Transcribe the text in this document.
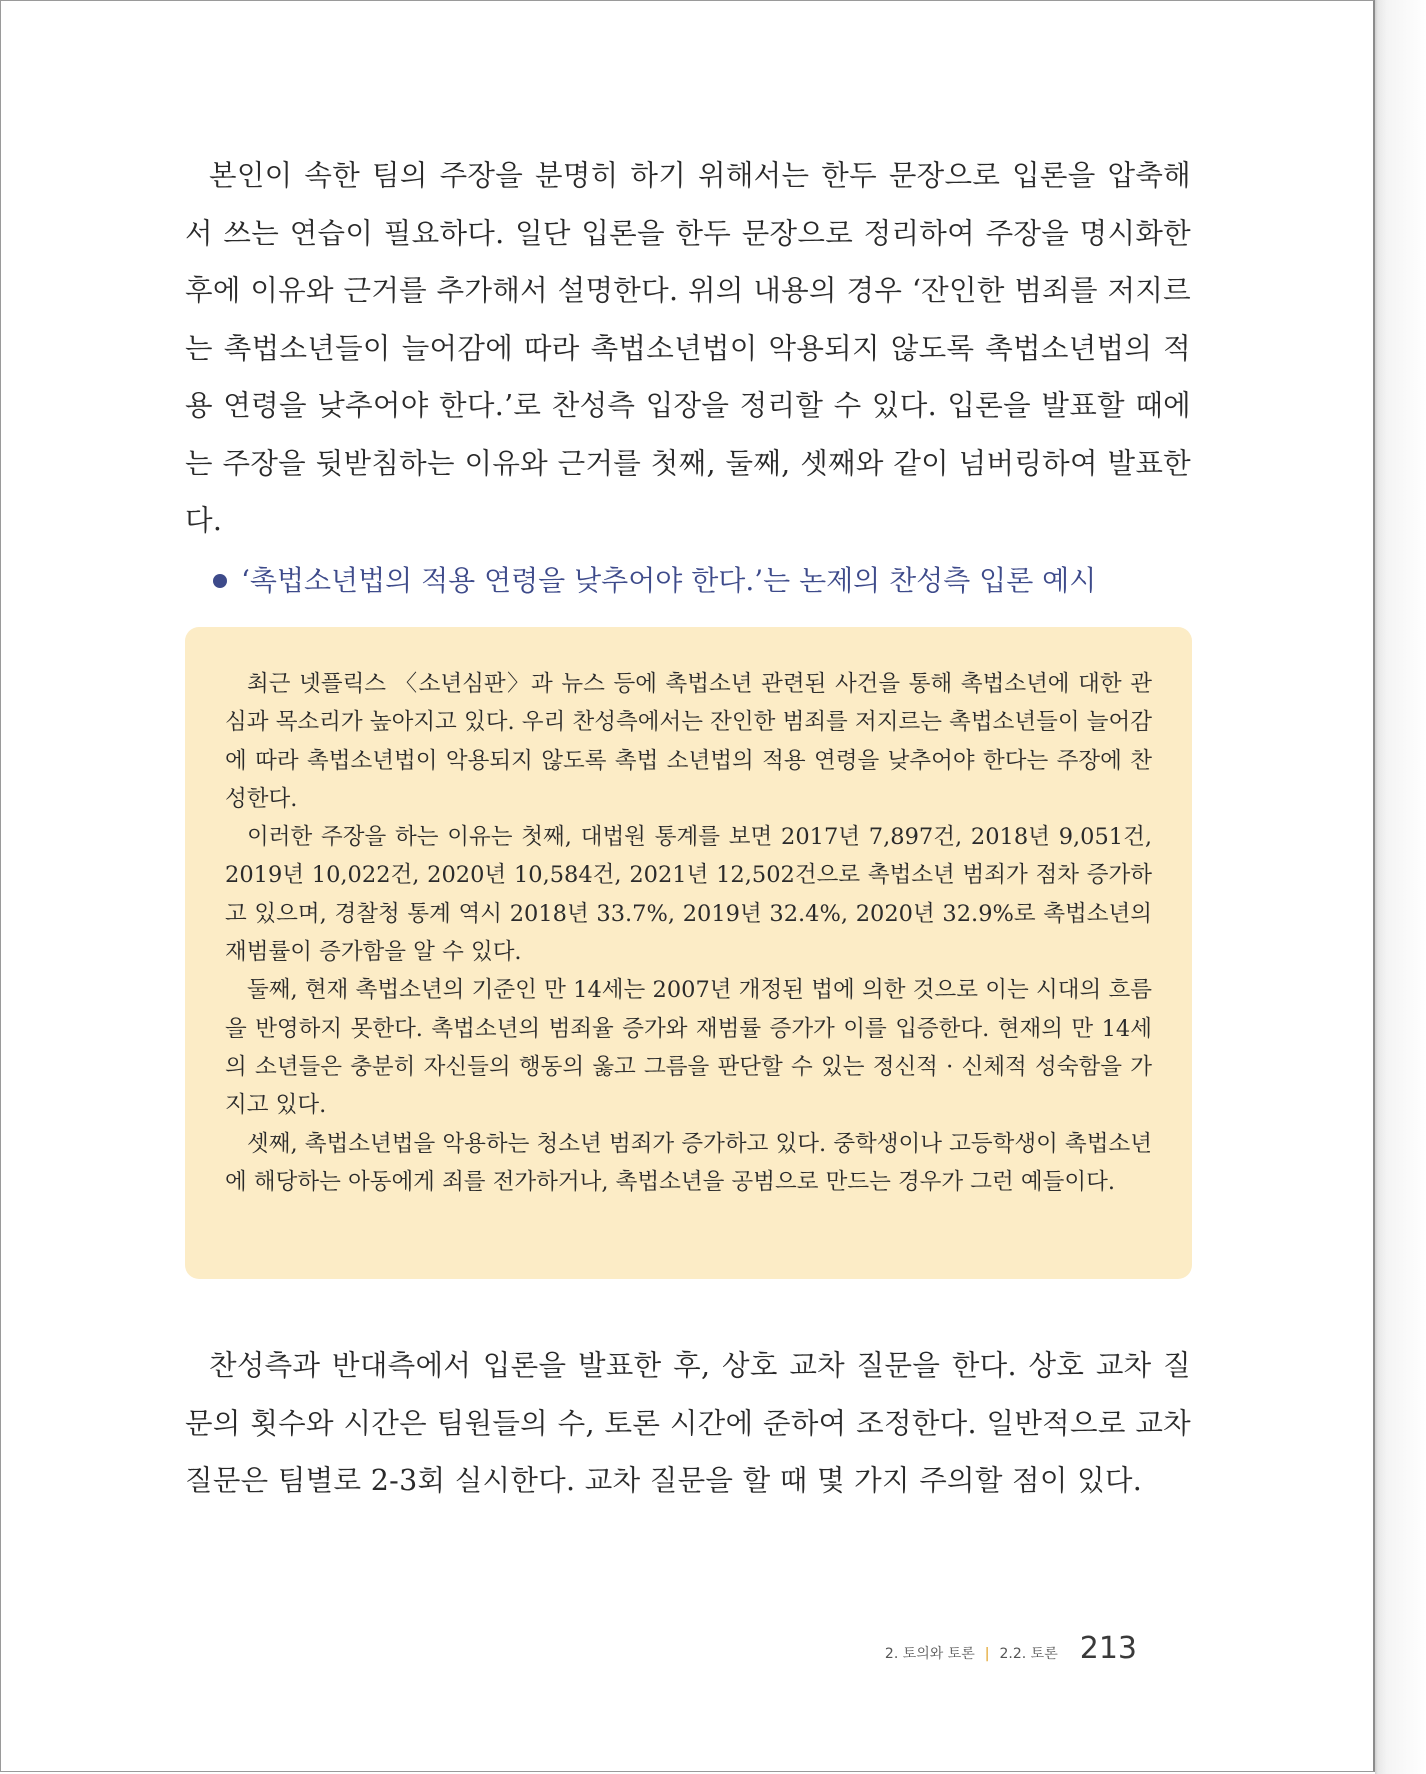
본인이 속한 팀의 주장을 분명히 하기 위해서는 한두 문장으로 입론을 압축해서 쓰는 연습이 필요하다. 일단 입론을 한두 문장으로 정리하여 주장을 명시화한 후에 이유와 근거를 추가해서 설명한다. 위의 내용의 경우 ‘잔인한 범죄를 저지르는 촉법소년들이 늘어감에 따라 촉법소년법이 악용되지 않도록 촉법소년법의 적용 연령을 낮추어야 한다.’로 찬성측 입장을 정리할 수 있다. 입론을 발표할 때에는 주장을 뒷받침하는 이유와 근거를 첫째, 둘째, 셋째와 같이 넘버링하여 발표한다.

‘촉법소년법의 적용 연령을 낮추어야 한다.’는 논제의 찬성측 입론 예시

최근 넷플릭스 〈소년심판〉과 뉴스 등에 촉법소년 관련된 사건을 통해 촉법소년에 대한 관심과 목소리가 높아지고 있다. 우리 찬성측에서는 잔인한 범죄를 저지르는 촉법소년들이 늘어감에 따라 촉법소년법이 악용되지 않도록 촉법 소년법의 적용 연령을 낮추어야 한다는 주장에 찬성한다.

이러한 주장을 하는 이유는 첫째, 대법원 통계를 보면 2017년 7,897건, 2018년 9,051건, 2019년 10,022건, 2020년 10,584건, 2021년 12,502건으로 촉법소년 범죄가 점차 증가하고 있으며, 경찰청 통계 역시 2018년 33.7%, 2019년 32.4%, 2020년 32.9%로 촉법소년의 재범률이 증가함을 알 수 있다.

둘째, 현재 촉법소년의 기준인 만 14세는 2007년 개정된 법에 의한 것으로 이는 시대의 흐름을 반영하지 못한다. 촉법소년의 범죄율 증가와 재범률 증가가 이를 입증한다. 현재의 만 14세의 소년들은 충분히 자신들의 행동의 옳고 그름을 판단할 수 있는 정신적 · 신체적 성숙함을 가지고 있다.

셋째, 촉법소년법을 악용하는 청소년 범죄가 증가하고 있다. 중학생이나 고등학생이 촉법소년에 해당하는 아동에게 죄를 전가하거나, 촉법소년을 공범으로 만드는 경우가 그런 예들이다.

찬성측과 반대측에서 입론을 발표한 후, 상호 교차 질문을 한다. 상호 교차 질문의 횟수와 시간은 팀원들의 수, 토론 시간에 준하여 조정한다. 일반적으로 교차 질문은 팀별로 2-3회 실시한다. 교차 질문을 할 때 몇 가지 주의할 점이 있다.

2. 토의와 토론 | 2.2. 토론 213
